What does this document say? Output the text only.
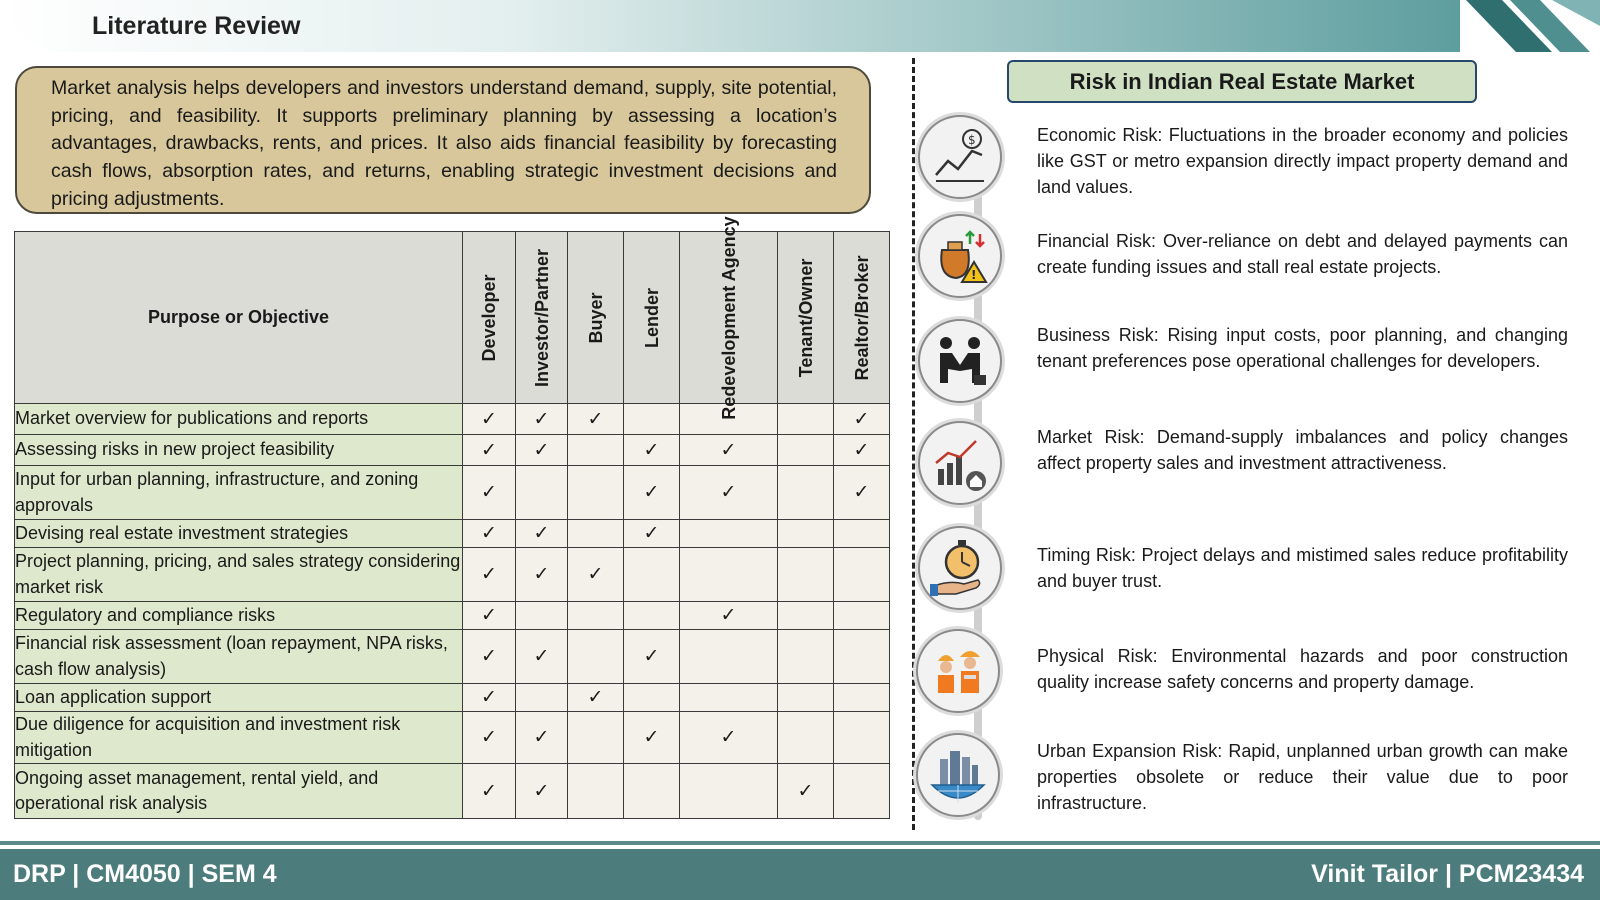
Literature Review
Market analysis helps developers and investors understand demand, supply, site potential, pricing, and feasibility. It supports preliminary planning by assessing a location’s advantages, drawbacks, rents, and prices. It also aids financial feasibility by forecasting cash flows, absorption rates, and returns, enabling strategic investment decisions and pricing adjustments.
Purpose or Objective	Developer	Investor/Partner	Buyer	Lender	Redevelopment Agency	Tenant/Owner	Realtor/Broker

Market overview for publications and reports	✓	✓	✓				✓
Assessing risks in new project feasibility	✓	✓		✓	✓		✓
Input for urban planning, infrastructure, and zoning approvals	✓			✓	✓		✓
Devising real estate investment strategies	✓	✓		✓			
Project planning, pricing, and sales strategy considering market risk	✓	✓	✓				
Regulatory and compliance risks	✓				✓		
Financial risk assessment (loan repayment, NPA risks, cash flow analysis)	✓	✓		✓			
Loan application support	✓		✓				
Due diligence for acquisition and investment risk mitigation	✓	✓		✓	✓		
Ongoing asset management, rental yield, and operational risk analysis	✓	✓				✓	
Risk in Indian Real Estate Market
$
!
Economic Risk: Fluctuations in the broader economy and policies like GST or metro expansion directly impact property demand and land values.
Financial Risk: Over-reliance on debt and delayed payments can create funding issues and stall real estate projects.
Business Risk: Rising input costs, poor planning, and changing tenant preferences pose operational challenges for developers.
Market Risk: Demand-supply imbalances and policy changes affect property sales and investment attractiveness.
Timing Risk: Project delays and mistimed sales reduce profitability and buyer trust.
Physical Risk: Environmental hazards and poor construction quality increase safety concerns and property damage.
Urban Expansion Risk: Rapid, unplanned urban growth can make properties obsolete or reduce their value due to poor infrastructure.
DRP | CM4050 | SEM 4	Vinit Tailor | PCM23434
